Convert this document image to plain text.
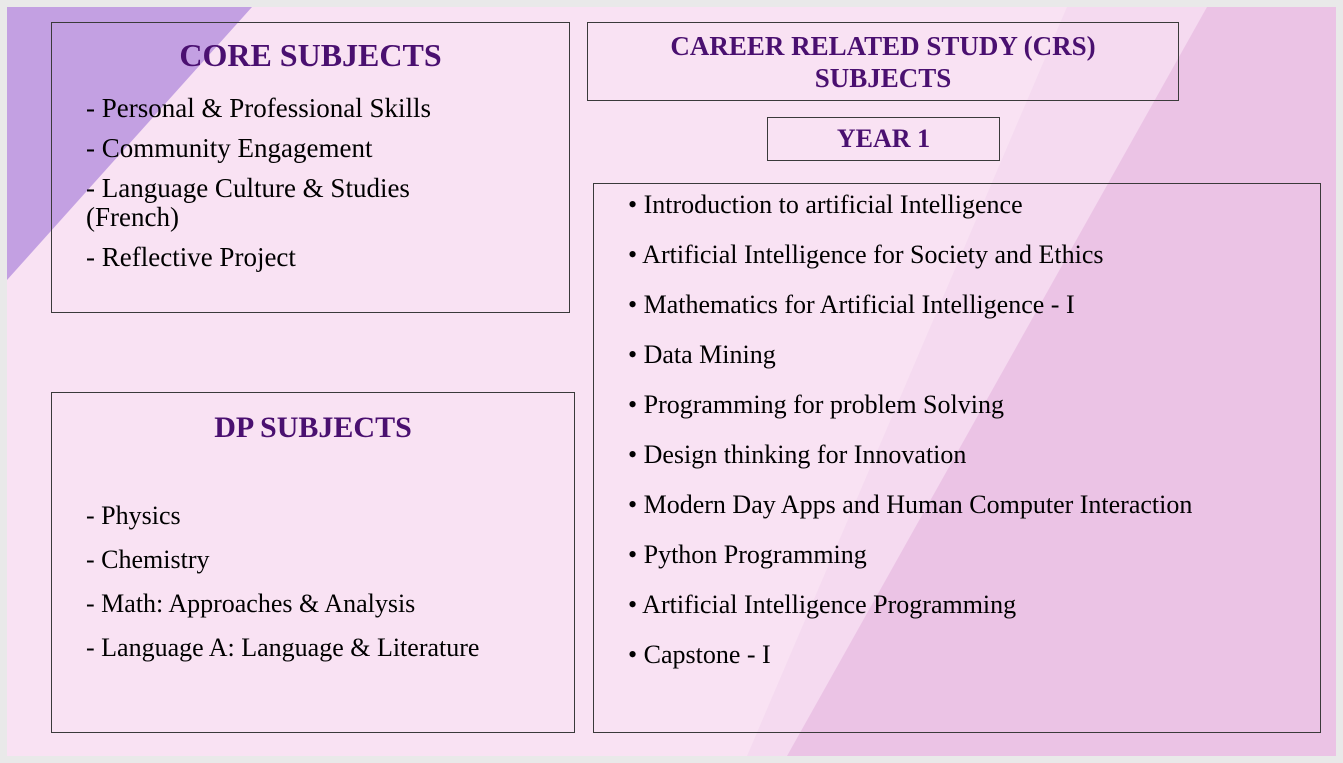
CORE SUBJECTS
- Personal & Professional Skills
- Community Engagement
- Language Culture & Studies (French)
- Reflective Project
DP SUBJECTS
- Physics
- Chemistry
- Math: Approaches & Analysis
- Language A: Language & Literature
CAREER RELATED STUDY (CRS)
SUBJECTS
YEAR 1
• Introduction to artificial Intelligence
• Artificial Intelligence for Society and Ethics
• Mathematics for Artificial Intelligence - I
• Data Mining
• Programming for problem Solving
• Design thinking for Innovation
• Modern Day Apps and Human Computer Interaction
• Python Programming
• Artificial Intelligence Programming
• Capstone - I
